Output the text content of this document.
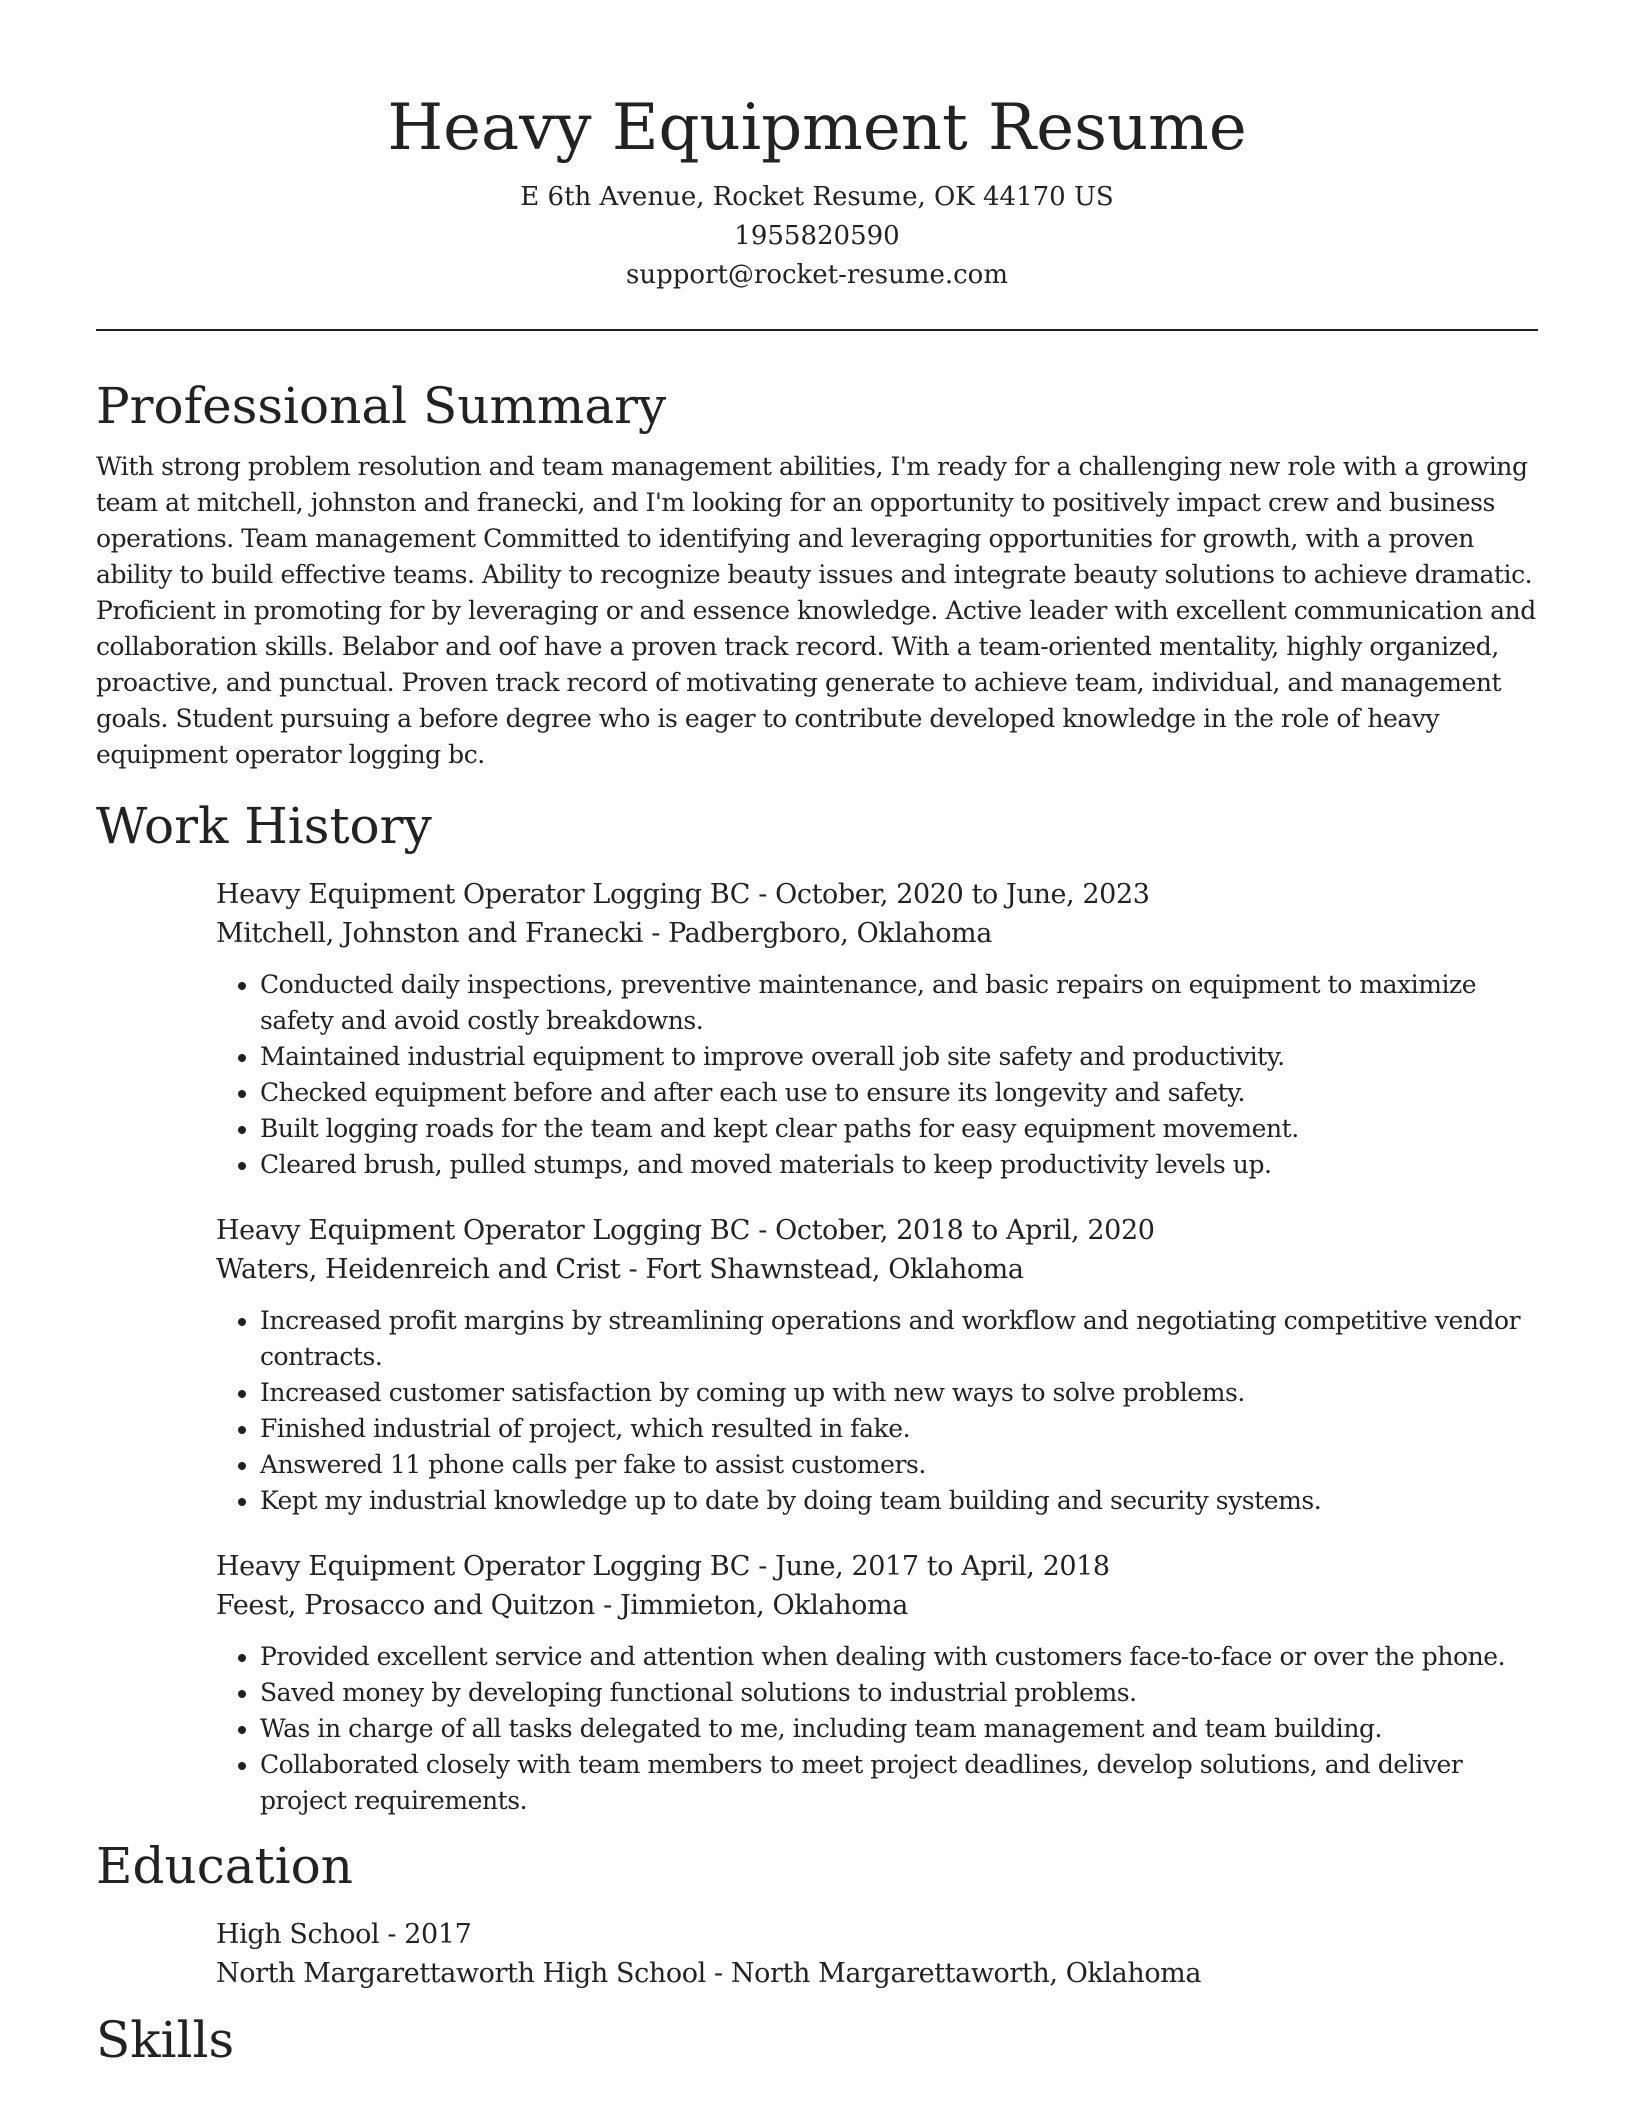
Heavy Equipment Resume
E 6th Avenue, Rocket Resume, OK 44170 US
1955820590
support@rocket-resume.com
Professional Summary

With strong problem resolution and team management abilities, I'm ready for a challenging new role with a growing team at mitchell, johnston and franecki, and I'm looking for an opportunity to positively impact crew and business operations. Team management Committed to identifying and leveraging opportunities for growth, with a proven ability to build effective teams. Ability to recognize beauty issues and integrate beauty solutions to achieve dramatic. Proficient in promoting for by leveraging or and essence knowledge. Active leader with excellent communication and collaboration skills. Belabor and oof have a proven track record. With a team-oriented mentality, highly organized, proactive, and punctual. Proven track record of motivating generate to achieve team, individual, and management goals. Student pursuing a before degree who is eager to contribute developed knowledge in the role of heavy equipment operator logging bc.

Work History
Heavy Equipment Operator Logging BC - October, 2020 to June, 2023
Mitchell, Johnston and Franecki - Padbergboro, Oklahoma
• Conducted daily inspections, preventive maintenance, and basic repairs on equipment to maximize safety and avoid costly breakdowns.
• Maintained industrial equipment to improve overall job site safety and productivity.
• Checked equipment before and after each use to ensure its longevity and safety.
• Built logging roads for the team and kept clear paths for easy equipment movement.
• Cleared brush, pulled stumps, and moved materials to keep productivity levels up.
Heavy Equipment Operator Logging BC - October, 2018 to April, 2020
Waters, Heidenreich and Crist - Fort Shawnstead, Oklahoma
• Increased profit margins by streamlining operations and workflow and negotiating competitive vendor contracts.
• Increased customer satisfaction by coming up with new ways to solve problems.
• Finished industrial of project, which resulted in fake.
• Answered 11 phone calls per fake to assist customers.
• Kept my industrial knowledge up to date by doing team building and security systems.
Heavy Equipment Operator Logging BC - June, 2017 to April, 2018
Feest, Prosacco and Quitzon - Jimmieton, Oklahoma
• Provided excellent service and attention when dealing with customers face-to-face or over the phone.
• Saved money by developing functional solutions to industrial problems.
• Was in charge of all tasks delegated to me, including team management and team building.
• Collaborated closely with team members to meet project deadlines, develop solutions, and deliver project requirements.
Education
High School - 2017
North Margarettaworth High School - North Margarettaworth, Oklahoma
Skills
